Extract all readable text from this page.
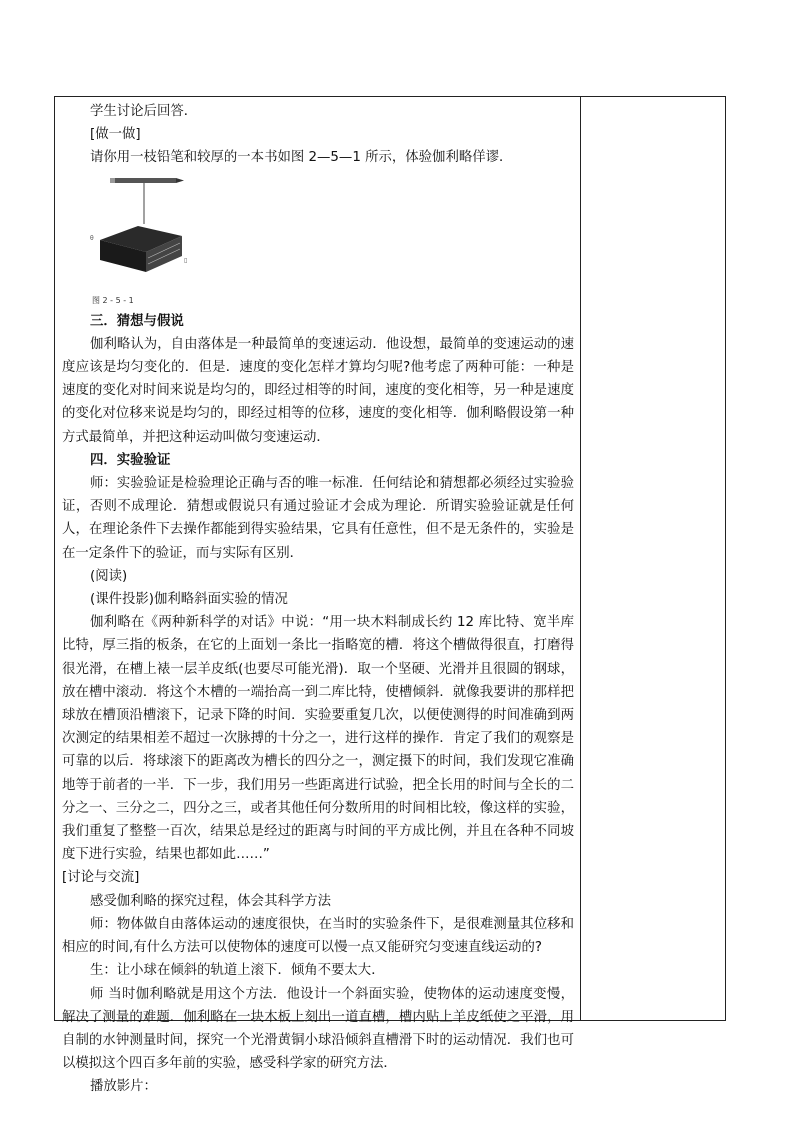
学生讨论后回答．

[做一做]

请你用一枝铅笔和较厚的一本书如图 2—5—1 所示，体验伽利略佯谬．

θ
▯
图 2 - 5 - 1

三．猜想与假说

伽利略认为，自由落体是一种最简单的变速运动．他设想，最简单的变速运动的速度应该是均匀变化的．但是．速度的变化怎样才算均匀呢?他考虑了两种可能：一种是速度的变化对时间来说是均匀的，即经过相等的时间，速度的变化相等，另一种是速度的变化对位移来说是均匀的，即经过相等的位移，速度的变化相等．伽利略假设第一种方式最简单，并把这种运动叫做匀变速运动．

四．实验验证

师：实验验证是检验理论正确与否的唯一标准．任何结论和猜想都必须经过实验验证，否则不成理论．猜想或假说只有通过验证才会成为理论．所谓实验验证就是任何人，在理论条件下去操作都能到得实验结果，它具有任意性，但不是无条件的，实验是在一定条件下的验证，而与实际有区别．

(阅读)

(课件投影)伽利略斜面实验的情况

伽利略在《两种新科学的对话》中说：“用一块木料制成长约 12 库比特、宽半库比特，厚三指的板条，在它的上面划一条比一指略宽的槽．将这个槽做得很直，打磨得很光滑，在槽上裱一层羊皮纸(也要尽可能光滑)．取一个坚硬、光滑并且很圆的钢球，放在槽中滚动．将这个木槽的一端抬高一到二库比特，使槽倾斜．就像我要讲的那样把球放在槽顶沿槽滚下，记录下降的时间．实验要重复几次，以便使测得的时间准确到两次测定的结果相差不超过一次脉搏的十分之一，进行这样的操作．肯定了我们的观察是可靠的以后．将球滚下的距离改为槽长的四分之一，测定摄下的时间，我们发现它准确地等于前者的一半．下一步，我们用另一些距离进行试验，把全长用的时间与全长的二分之一、三分之二，四分之三，或者其他任何分数所用的时间相比较，像这样的实验，我们重复了整整一百次，结果总是经过的距离与时间的平方成比例，并且在各种不同坡度下进行实验，结果也都如此……”

[讨论与交流]

感受伽利略的探究过程，体会其科学方法

师：物体做自由落体运动的速度很快，在当时的实验条件下，是很难测量其位移和相应的时间,有什么方法可以使物体的速度可以慢一点又能研究匀变速直线运动的?

生：让小球在倾斜的轨道上滚下．倾角不要太大．

师 当时伽利略就是用这个方法．他设计一个斜面实验，使物体的运动速度变慢，解决了测量的难题．伽利略在一块木板上刻出一道直槽，槽内贴上羊皮纸使之平滑，用自制的水钟测量时间，探究一个光滑黄铜小球沿倾斜直槽滑下时的运动情况．我们也可以模拟这个四百多年前的实验，感受科学家的研究方法．

播放影片：
